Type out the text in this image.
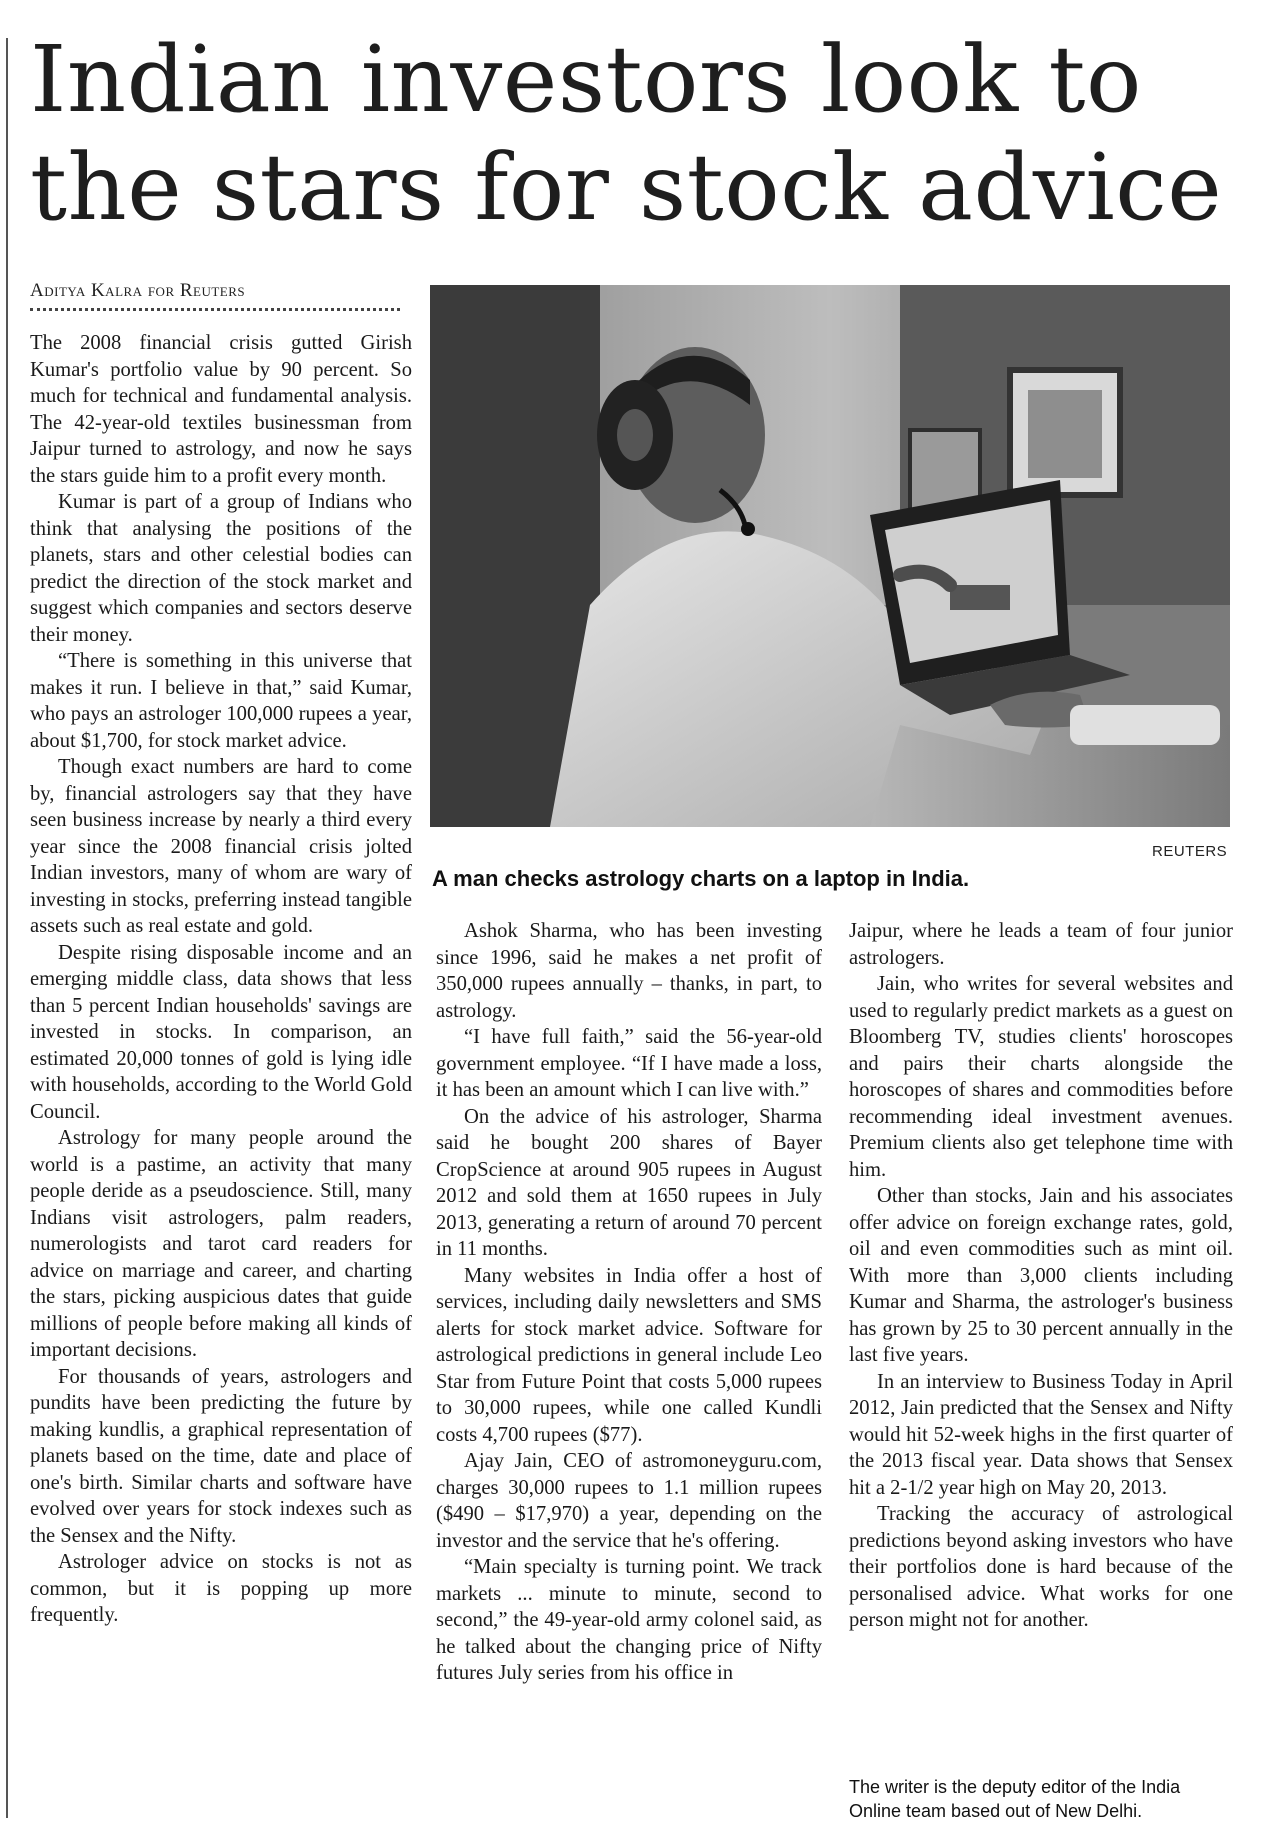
Indian investors look to
the stars for stock advice
Aditya Kalra for Reuters

The 2008 financial crisis gutted Girish Kumar's portfolio value by 90 percent. So much for technical and fundamental analysis. The 42-year-old textiles businessman from Jaipur turned to astrology, and now he says the stars guide him to a profit every month.

Kumar is part of a group of Indians who think that analysing the positions of the planets, stars and other celestial bodies can predict the direction of the stock market and suggest which companies and sectors deserve their money.

“There is something in this universe that makes it run. I believe in that,” said Kumar, who pays an astrologer 100,000 rupees a year, about $1,700, for stock market advice.

Though exact numbers are hard to come by, financial astrologers say that they have seen business increase by nearly a third every year since the 2008 financial crisis jolted Indian investors, many of whom are wary of investing in stocks, preferring instead tangible assets such as real estate and gold.

Despite rising disposable income and an emerging middle class, data shows that less than 5 percent Indian households' savings are invested in stocks. In comparison, an estimated 20,000 tonnes of gold is lying idle with households, according to the World Gold Council.

Astrology for many people around the world is a pastime, an activity that many people deride as a pseudoscience. Still, many Indians visit astrologers, palm readers, numerologists and tarot card readers for advice on marriage and career, and charting the stars, picking auspicious dates that guide millions of people before making all kinds of important decisions.

For thousands of years, astrologers and pundits have been predicting the future by making kundlis, a graphical representation of planets based on the time, date and place of one's birth. Similar charts and software have evolved over years for stock indexes such as the Sensex and the Nifty.

Astrologer advice on stocks is not as common, but it is popping up more frequently.

REUTERS
A man checks astrology charts on a laptop in India.

Ashok Sharma, who has been investing since 1996, said he makes a net profit of 350,000 rupees annually – thanks, in part, to astrology.

“I have full faith,” said the 56-year-old government employee. “If I have made a loss, it has been an amount which I can live with.”

On the advice of his astrologer, Sharma said he bought 200 shares of Bayer CropScience at around 905 rupees in August 2012 and sold them at 1650 rupees in July 2013, generating a return of around 70 percent in 11 months.

Many websites in India offer a host of services, including daily newsletters and SMS alerts for stock market advice. Software for astrological predictions in general include Leo Star from Future Point that costs 5,000 rupees to 30,000 rupees, while one called Kundli costs 4,700 rupees ($77).

Ajay Jain, CEO of astromoneyguru.com, charges 30,000 rupees to 1.1 million rupees ($490 – $17,970) a year, depending on the investor and the service that he's offering.

“Main specialty is turning point. We track markets ... minute to minute, second to second,” the 49-year-old army colonel said, as he talked about the changing price of Nifty futures July series from his office in

Jaipur, where he leads a team of four junior astrologers.

Jain, who writes for several websites and used to regularly predict markets as a guest on Bloomberg TV, studies clients' horoscopes and pairs their charts alongside the horoscopes of shares and commodities before recommending ideal investment avenues. Premium clients also get telephone time with him.

Other than stocks, Jain and his associates offer advice on foreign exchange rates, gold, oil and even commodities such as mint oil. With more than 3,000 clients including Kumar and Sharma, the astrologer's business has grown by 25 to 30 percent annually in the last five years.

In an interview to Business Today in April 2012, Jain predicted that the Sensex and Nifty would hit 52-week highs in the first quarter of the 2013 fiscal year. Data shows that Sensex hit a 2-1/2 year high on May 20, 2013.

Tracking the accuracy of astrological predictions beyond asking investors who have their portfolios done is hard because of the personalised advice. What works for one person might not for another.

The writer is the deputy editor of the India Online team based out of New Delhi.
